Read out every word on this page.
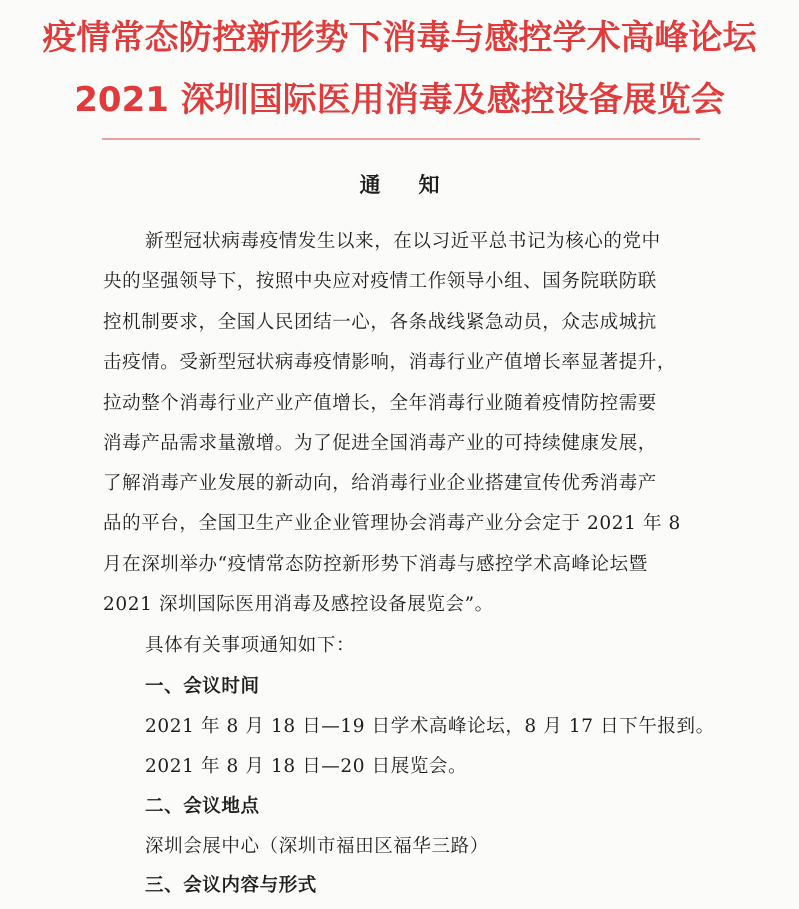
疫情常态防控新形势下消毒与感控学术高峰论坛
2021 深圳国际医用消毒及感控设备展览会
通知
新型冠状病毒疫情发生以来，在以习近平总书记为核心的党中
央的坚强领导下，按照中央应对疫情工作领导小组、国务院联防联
控机制要求，全国人民团结一心，各条战线紧急动员，众志成城抗
击疫情。受新型冠状病毒疫情影响，消毒行业产值增长率显著提升，
拉动整个消毒行业产业产值增长，全年消毒行业随着疫情防控需要
消毒产品需求量激增。为了促进全国消毒产业的可持续健康发展，
了解消毒产业发展的新动向，给消毒行业企业搭建宣传优秀消毒产
品的平台，全国卫生产业企业管理协会消毒产业分会定于 2021 年 8
月在深圳举办“疫情常态防控新形势下消毒与感控学术高峰论坛暨
2021 深圳国际医用消毒及感控设备展览会”。
具体有关事项通知如下：
一、会议时间
2021 年 8 月 18 日—19 日学术高峰论坛，8 月 17 日下午报到。
2021 年 8 月 18 日—20 日展览会。
二、会议地点
深圳会展中心（深圳市福田区福华三路）
三、会议内容与形式
